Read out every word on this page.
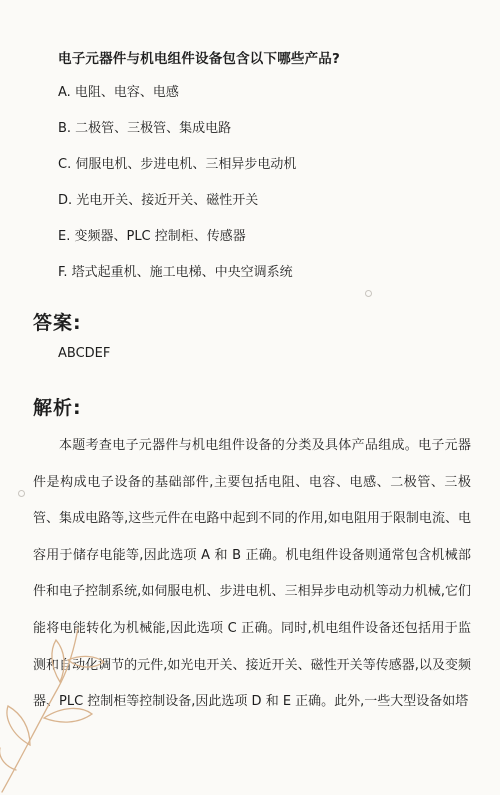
电子元器件与机电组件设备包含以下哪些产品?
A. 电阻、电容、电感
B. 二极管、三极管、集成电路
C. 伺服电机、步进电机、三相异步电动机
D. 光电开关、接近开关、磁性开关
E. 变频器、PLC 控制柜、传感器
F. 塔式起重机、施工电梯、中央空调系统
答案:
ABCDEF
解析:

本题考查电子元器件与机电组件设备的分类及具体产品组成。电子元器件是构成电子设备的基础部件,主要包括电阻、电容、电感、二极管、三极管、集成电路等,这些元件在电路中起到不同的作用,如电阻用于限制电流、电容用于储存电能等,因此选项 A 和 B 正确。机电组件设备则通常包含机械部件和电子控制系统,如伺服电机、步进电机、三相异步电动机等动力机械,它们能将电能转化为机械能,因此选项 C 正确。同时,机电组件设备还包括用于监测和自动化调节的元件,如光电开关、接近开关、磁性开关等传感器,以及变频器、PLC 控制柜等控制设备,因此选项 D 和 E 正确。此外,一些大型设备如塔
